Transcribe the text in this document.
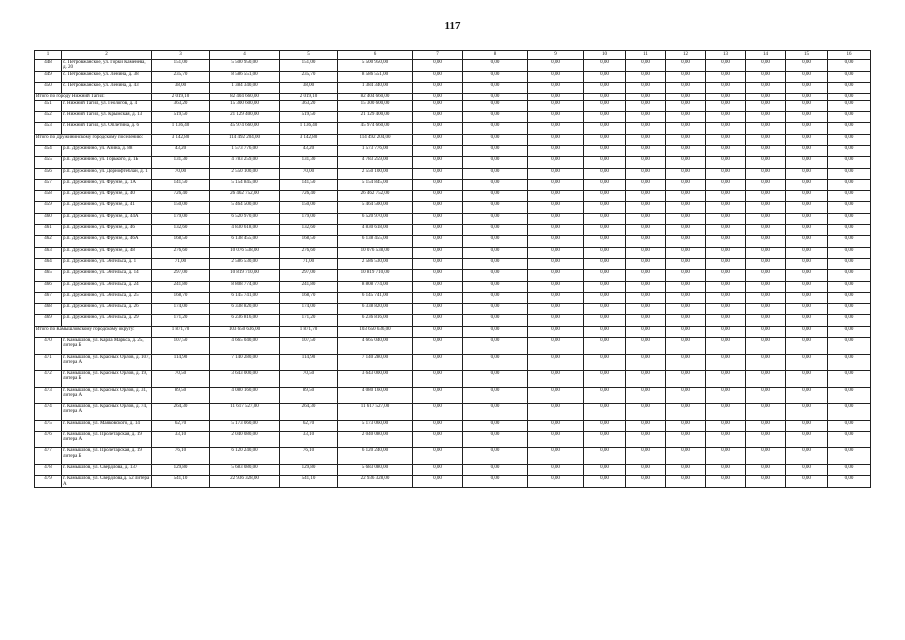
117
1	2	3	4	5	6	7	8	9	10	11	12	13	14	15	16
448	с. Петровжанское, ул. Горки Каменева, д. 20	151,00	5 500 950,00	151,00	5 500 950,00	0,00	0,00	0,00	0,00	0,00	0,00	0,00	0,00	0,00	0,00
449	с. Петровжанское, ул. Ленина, д. 38	235,70	8 586 551,00	235,70	8 586 551,00	0,00	0,00	0,00	0,00	0,00	0,00	0,00	0,00	0,00	0,00
450	с. Петровжанское, ул. Ленина, д. 43	38,00	1 384 340,00	38,00	1 384 340,00	0,00	0,00	0,00	0,00	0,00	0,00	0,00	0,00	0,00	0,00
Итого по городу Нижний Тагил:		2 019,10	82 404 660,00	2 019,10	82 404 660,00	0,00	0,00	0,00	0,00	0,00	0,00	0,00	0,00	0,00	0,00
451	г. Нижний Тагил, ул. Геологов, д. 4	363,20	15 300 600,00	363,20	15 300 600,00	0,00	0,00	0,00	0,00	0,00	0,00	0,00	0,00	0,00	0,00
452	г. Нижний Тагил, ул. Крымская, д. 13	519,50	21 129 400,00	519,50	21 129 400,00	0,00	0,00	0,00	0,00	0,00	0,00	0,00	0,00	0,00	0,00
453	г. Нижний Тагил, ул. Оплетина, д. 6	1 136,40	45 974 660,00	1 136,40	45 974 660,00	0,00	0,00	0,00	0,00	0,00	0,00	0,00	0,00	0,00	0,00
Итого по Дружининскому городскому поселению:		3 142,80	114 492 204,00	3 142,80	114 492 204,00	0,00	0,00	0,00	0,00	0,00	0,00	0,00	0,00	0,00	0,00
454	р.п. Дружинино, ул. Азина, д. 88	43,20	1 573 776,00	43,20	1 573 776,00	0,00	0,00	0,00	0,00	0,00	0,00	0,00	0,00	0,00	0,00
455	р.п. Дружинино, ул. Горького, д. 1Б	131,30	4 783 259,00	131,30	4 783 259,00	0,00	0,00	0,00	0,00	0,00	0,00	0,00	0,00	0,00	0,00
456	р.п. Дружинино, ул. Дорнофтеблан, д. 1	70,00	2 550 100,00	70,00	2 550 100,00	0,00	0,00	0,00	0,00	0,00	0,00	0,00	0,00	0,00	0,00
457	р.п. Дружинино, ул. Фрунзе, д. 1А	141,50	5 154 845,00	141,50	5 154 845,00	0,00	0,00	0,00	0,00	0,00	0,00	0,00	0,00	0,00	0,00
458	р.п. Дружинино, ул. Фрунзе, д. 40	726,40	26 462 752,00	726,40	26 462 752,00	0,00	0,00	0,00	0,00	0,00	0,00	0,00	0,00	0,00	0,00
459	р.п. Дружинино, ул. Фрунзе, д. 41	150,00	5 464 500,00	150,00	5 464 500,00	0,00	0,00	0,00	0,00	0,00	0,00	0,00	0,00	0,00	0,00
460	р.п. Дружинино, ул. Фрунзе, д. 44А	179,00	6 520 970,00	179,00	6 520 970,00	0,00	0,00	0,00	0,00	0,00	0,00	0,00	0,00	0,00	0,00
461	р.п. Дружинино, ул. Фрунзе, д. 46	132,60	4 830 618,00	132,60	4 830 618,00	0,00	0,00	0,00	0,00	0,00	0,00	0,00	0,00	0,00	0,00
462	р.п. Дружинино, ул. Фрунзе, д. 46А	168,50	6 138 455,00	168,50	6 138 455,00	0,00	0,00	0,00	0,00	0,00	0,00	0,00	0,00	0,00	0,00
463	р.п. Дружинино, ул. Фрунзе, д. 48	276,60	10 076 538,00	276,60	10 076 538,00	0,00	0,00	0,00	0,00	0,00	0,00	0,00	0,00	0,00	0,00
464	р.п. Дружинино, ул. Энгельса, д. 1	71,00	2 586 530,00	71,00	2 586 530,00	0,00	0,00	0,00	0,00	0,00	0,00	0,00	0,00	0,00	0,00
465	р.п. Дружинино, ул. Энгельса, д. 14	297,00	10 819 710,00	297,00	10 819 710,00	0,00	0,00	0,00	0,00	0,00	0,00	0,00	0,00	0,00	0,00
466	р.п. Дружинино, ул. Энгельса, д. 24	241,80	8 808 774,00	241,80	8 808 774,00	0,00	0,00	0,00	0,00	0,00	0,00	0,00	0,00	0,00	0,00
467	р.п. Дружинино, ул. Энгельса, д. 25	168,70	6 145 741,00	168,70	6 145 741,00	0,00	0,00	0,00	0,00	0,00	0,00	0,00	0,00	0,00	0,00
468	р.п. Дружинино, ул. Энгельса, д. 26	174,00	6 338 820,00	174,00	6 338 820,00	0,00	0,00	0,00	0,00	0,00	0,00	0,00	0,00	0,00	0,00
469	р.п. Дружинино, ул. Энгельса, д. 29	171,20	6 236 816,00	171,20	6 236 816,00	0,00	0,00	0,00	0,00	0,00	0,00	0,00	0,00	0,00	0,00
Итого по Камышловскому городскому округу:		1 871,70	103 650 636,00	1 871,70	103 650 636,00	0,00	0,00	0,00	0,00	0,00	0,00	0,00	0,00	0,00	0,00
470	г. Камышлов, ул. Карла Маркса, д. 25, литера Б	107,50	4 665 040,00	107,50	4 665 040,00	0,00	0,00	0,00	0,00	0,00	0,00	0,00	0,00	0,00	0,00
471	г. Камышлов, ул. Красных Орлов, д. 107, литера А	114,90	7 140 280,00	114,90	7 140 280,00	0,00	0,00	0,00	0,00	0,00	0,00	0,00	0,00	0,00	0,00
472	г. Камышлов, ул. Красных Орлов, д. 19, литера Б	70,50	3 643 000,00	70,50	3 643 000,00	0,00	0,00	0,00	0,00	0,00	0,00	0,00	0,00	0,00	0,00
473	г. Камышлов, ул. Красных Орлов, д. 31, литера А	89,50	4 080 160,00	89,50	4 080 160,00	0,00	0,00	0,00	0,00	0,00	0,00	0,00	0,00	0,00	0,00
474	г. Камышлов, ул. Красных Орлов, д. 74, литера А	264,30	11 617 527,00	264,30	11 617 527,00	0,00	0,00	0,00	0,00	0,00	0,00	0,00	0,00	0,00	0,00
475	г. Камышлов, ул. Маяковского, д. 14	62,70	5 173 060,00	62,70	5 173 060,00	0,00	0,00	0,00	0,00	0,00	0,00	0,00	0,00	0,00	0,00
476	г. Камышлов, ул. Пролетарская, д. 19 литера А	33,10	2 040 080,00	33,10	2 040 080,00	0,00	0,00	0,00	0,00	0,00	0,00	0,00	0,00	0,00	0,00
477	г. Камышлов, ул. Пролетарская, д. 19 литера Б	76,10	6 120 240,00	76,10	6 120 240,00	0,00	0,00	0,00	0,00	0,00	0,00	0,00	0,00	0,00	0,00
478	г. Камышлов, ул. Свердлова, д. 137	129,80	5 683 080,00	129,80	5 683 080,00	0,00	0,00	0,00	0,00	0,00	0,00	0,00	0,00	0,00	0,00
479	г. Камышлов, ул. Свердлова,д. 52 литера А	541,10	22 936 328,00	541,10	22 936 328,00	0,00	0,00	0,00	0,00	0,00	0,00	0,00	0,00	0,00	0,00
